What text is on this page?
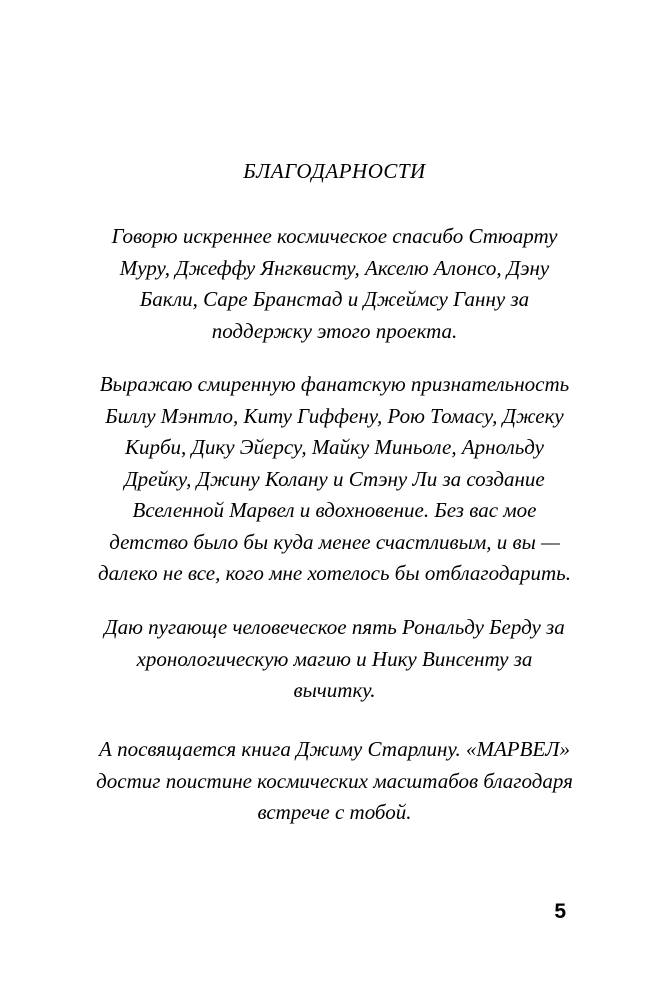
БЛАГОДАРНОСТИ
Говорю искреннее космическое спасибо Стюарту
Муру, Джеффу Янгквисту, Акселю Алонсо, Дэну
Бакли, Саре Бранстад и Джеймсу Ганну за
поддержку этого проекта.
Выражаю смиренную фанатскую признательность
Биллу Мэнтло, Киту Гиффену, Рою Томасу, Джеку
Кирби, Дику Эйерсу, Майку Миньоле, Арнольду
Дрейку, Джину Колану и Стэну Ли за создание
Вселенной Марвел и вдохновение. Без вас мое
детство было бы куда менее счастливым, и вы —
далеко не все, кого мне хотелось бы отблагодарить.
Даю пугающе человеческое пять Рональду Берду за
хронологическую магию и Нику Винсенту за
вычитку.
А посвящается книга Джиму Старлину. «МАРВЕЛ»
достиг поистине космических масштабов благодаря
встрече с тобой.
5
